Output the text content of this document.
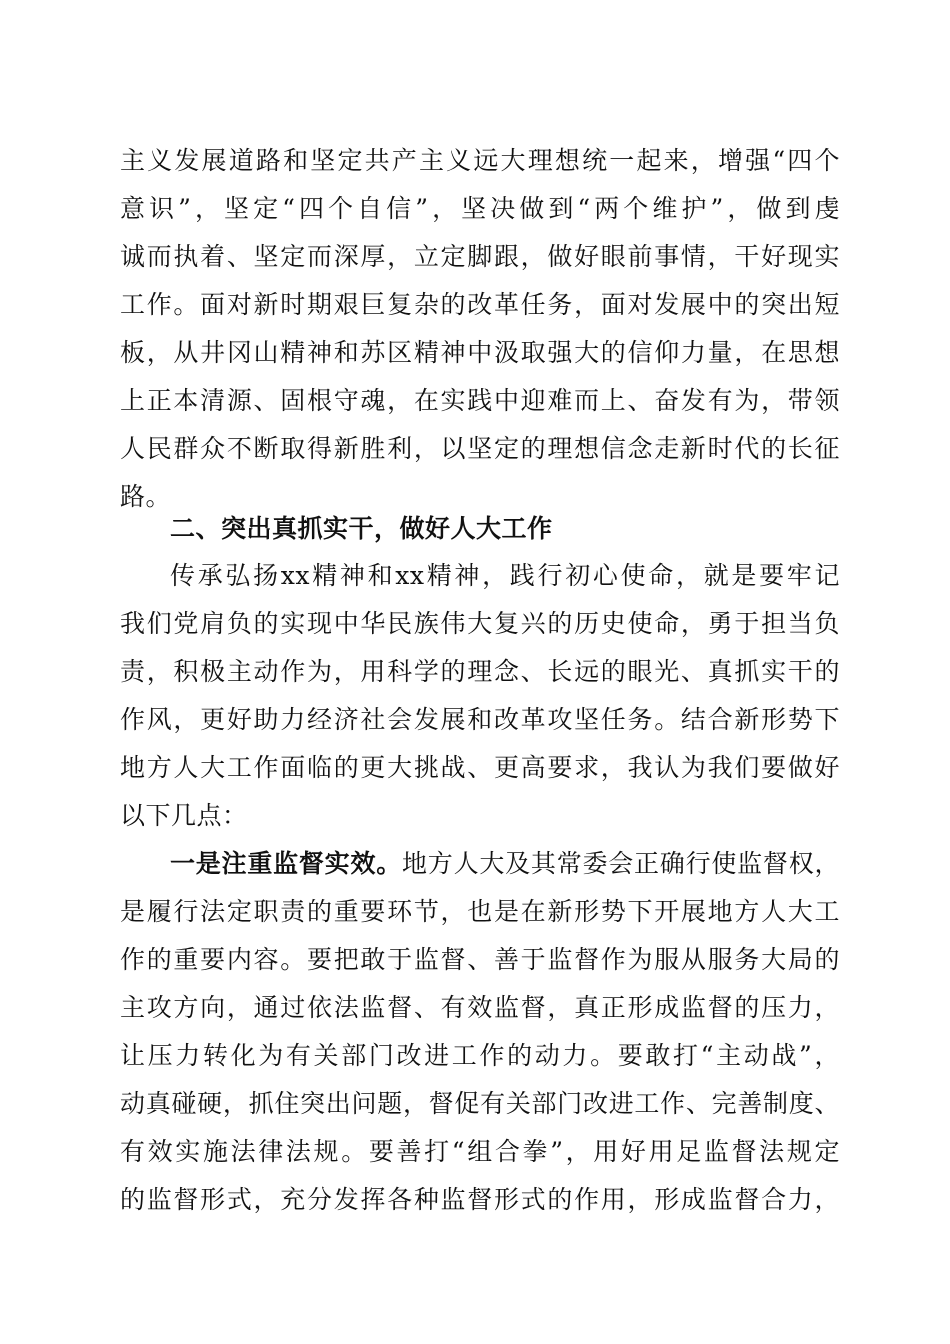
主义发展道路和坚定共产主义远大理想统一起来，增强“四个
意识”，坚定“四个自信”，坚决做到“两个维护”，做到虔
诚而执着、坚定而深厚，立定脚跟，做好眼前事情，干好现实
工作。面对新时期艰巨复杂的改革任务，面对发展中的突出短
板，从井冈山精神和苏区精神中汲取强大的信仰力量，在思想
上正本清源、固根守魂，在实践中迎难而上、奋发有为，带领
人民群众不断取得新胜利，以坚定的理想信念走新时代的长征
路。
二、突出真抓实干，做好人大工作
传承弘扬xx精神和xx精神，践行初心使命，就是要牢记
我们党肩负的实现中华民族伟大复兴的历史使命，勇于担当负
责，积极主动作为，用科学的理念、长远的眼光、真抓实干的
作风，更好助力经济社会发展和改革攻坚任务。结合新形势下
地方人大工作面临的更大挑战、更高要求，我认为我们要做好
以下几点：
一是注重监督实效。地方人大及其常委会正确行使监督权，
是履行法定职责的重要环节，也是在新形势下开展地方人大工
作的重要内容。要把敢于监督、善于监督作为服从服务大局的
主攻方向，通过依法监督、有效监督，真正形成监督的压力，
让压力转化为有关部门改进工作的动力。要敢打“主动战”，
动真碰硬，抓住突出问题，督促有关部门改进工作、完善制度、
有效实施法律法规。要善打“组合拳”，用好用足监督法规定
的监督形式，充分发挥各种监督形式的作用，形成监督合力，
